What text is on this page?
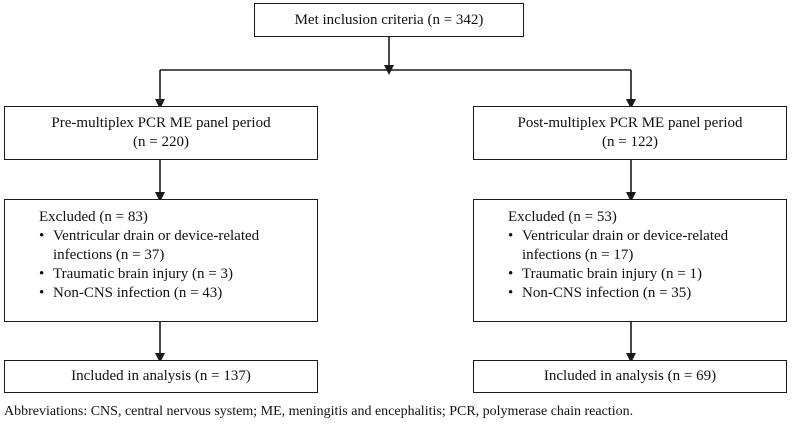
Met inclusion criteria (n = 342)
Pre-multiplex PCR ME panel period
(n = 220)
Post-multiplex PCR ME panel period
(n = 122)
Excluded (n = 83)
• Ventricular drain or device-related
infections (n = 37)
• Traumatic brain injury (n = 3)
• Non-CNS infection (n = 43)
Excluded (n = 53)
• Ventricular drain or device-related
infections (n = 17)
• Traumatic brain injury (n = 1)
• Non-CNS infection (n = 35)
Included in analysis (n = 137)	Included in analysis (n = 69)
Abbreviations: CNS, central nervous system; ME, meningitis and encephalitis; PCR, polymerase chain reaction.
